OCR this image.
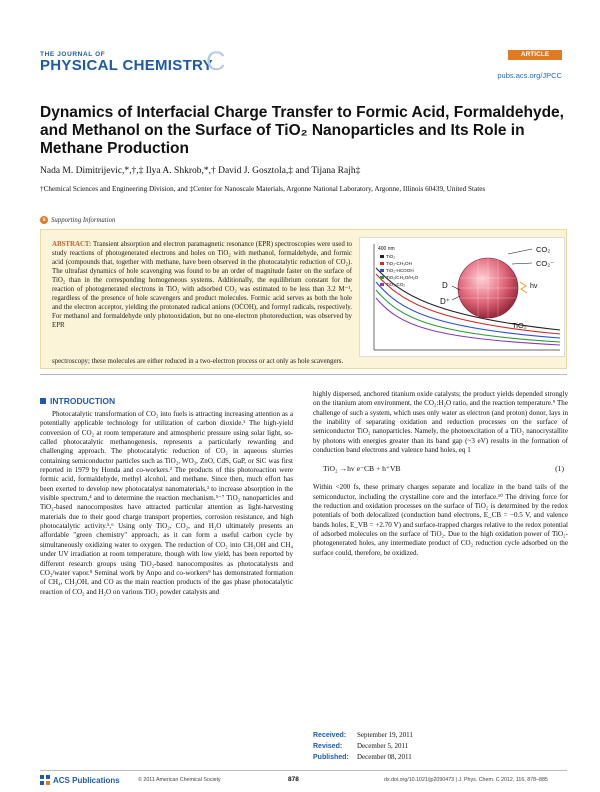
THE JOURNAL OF
PHYSICAL CHEMISTRY
C	ARTICLE
pubs.acs.org/JPCC
Dynamics of Interfacial Charge Transfer to Formic Acid, Formaldehyde, and Methanol on the Surface of TiO₂ Nanoparticles and Its Role in Methane Production
Nada M. Dimitrijevic,*,†,‡ Ilya A. Shkrob,*,† David J. Gosztola,‡ and Tijana Rajh‡
†Chemical Sciences and Engineering Division, and ‡Center for Nanoscale Materials, Argonne National Laboratory, Argonne, Illinois 60439, United States
s Supporting Information
ABSTRACT: Transient absorption and electron paramagnetic resonance (EPR) spectroscopies were used to study reactions of photogenerated electrons and holes on TiO₂ with methanol, formaldehyde, and formic acid (compounds that, together with methane, have been observed in the photocatalytic reduction of CO₂). The ultrafast dynamics of hole scavenging was found to be an order of magnitude faster on the surface of TiO₂ than in the corresponding homogeneous systems. Additionally, the equilibrium constant for the reaction of photogenerated electrons in TiO₂ with adsorbed CO₂ was estimated to be less than 3.2 M⁻¹, regardless of the presence of hole scavengers and product molecules. Formic acid serves as both the hole and the electron acceptor, yielding the protonated radical anions (OĊOH), and formyl radicals, respectively. For methanol and formaldehyde only photooxidation, but no one-electron photoreduction, was observed by EPR
spectroscopy; these molecules are either reduced in a two-electron process or act only as hole scavengers.
400 nm
TiO₂
TiO₂-CH₃OH
TiO₂-HCOOH
TiO₂/CH₂O/H₂O
TiO₂-CO₂
CO₂
CO₂⁻
hv
D
D⁺
TiO₂
INTRODUCTION

Photocatalytic transformation of CO₂ into fuels is attracting increasing attention as a potentially applicable technology for utilization of carbon dioxide.¹ The high-yield conversion of CO₂ at room temperature and atmospheric pressure using solar light, so-called photocatalytic methanogenesis, represents a particularly rewarding and challenging approach. The photocatalytic reduction of CO₂ in aqueous slurries containing semiconductor particles such as TiO₂, WO₃, ZnO, CdS, GaP, or SiC was first reported in 1979 by Honda and co-workers.² The products of this photoreaction were formic acid, formaldehyde, methyl alcohol, and methane. Since then, much effort has been exerted to develop new photocatalyst nanomaterials,³ to increase absorption in the visible spectrum,⁴ and to determine the reaction mechanism.⁵⁻⁷ TiO₂ nanoparticles and TiO₂-based nanocomposites have attracted particular attention as light-harvesting materials due to their good charge transport properties, corrosion resistance, and high photocatalytic activity.⁵,⁶ Using only TiO₂, CO₂, and H₂O ultimately presents an affordable "green chemistry" approach, as it can form a useful carbon cycle by simultaneously oxidizing water to oxygen. The reduction of CO₂ into CH₃OH and CH₄ under UV irradiation at room temperature, though with low yield, has been reported by different research groups using TiO₂-based nanocomposites as photocatalysts and CO₂/water vapor.⁸ Seminal work by Anpo and co-workers⁹ has demonstrated formation of CH₄, CH₃OH, and CO as the main reaction products of the gas phase photocatalytic reaction of CO₂ and H₂O on various TiO₂ powder catalysts and

highly dispersed, anchored titanium oxide catalysts; the product yields depended strongly on the titanium atom environment, the CO₂:H₂O ratio, and the reaction temperature.⁹ The challenge of such a system, which uses only water as electron (and proton) donor, lays in the inability of separating oxidation and reduction processes on the surface of semiconductor TiO₂ nanoparticles. Namely, the photoexcitation of a TiO₂ nanocrystallite by photons with energies greater than its band gap (~3 eV) results in the formation of conduction band electrons and valence band holes, eq 1

TiO₂ →hv e⁻CB + h⁺VB	(1)

Within <200 fs, these primary charges separate and localize in the band tails of the semiconductor, including the crystalline core and the interface.¹⁰ The driving force for the reduction and oxidation processes on the surface of TiO₂ is determined by the redox potentials of both delocalized (conduction band electrons, E_CB = −0.5 V, and valence bands holes, E_VB = +2.70 V) and surface-trapped charges relative to the redox potential of adsorbed molecules on the surface of TiO₂. Due to the high oxidation power of TiO₂-photogenerated holes, any intermediate product of CO₂ reduction cycle adsorbed on the surface could, therefore, be oxidized.

Received: September 19, 2011
Revised: December 5, 2011
Published: December 08, 2011
ACS Publications	© 2011 American Chemical Society	878	dx.doi.org/10.1021/jp2090473 | J. Phys. Chem. C 2012, 116, 878–885
